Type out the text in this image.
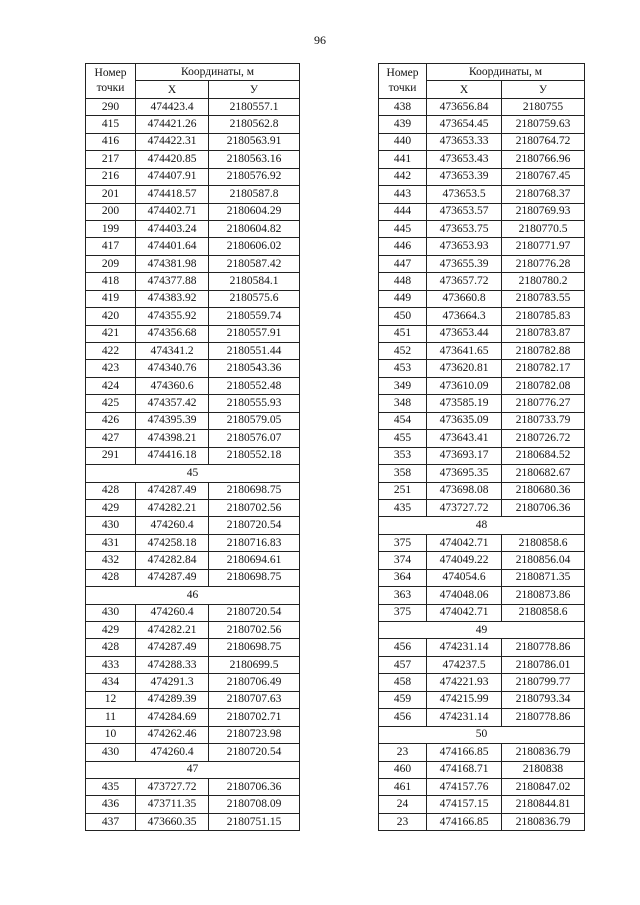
96
Номер точки	Координаты, м	
	Х	У
290	474423.4	2180557.1
415	474421.26	2180562.8
416	474422.31	2180563.91
217	474420.85	2180563.16
216	474407.91	2180576.92
201	474418.57	2180587.8
200	474402.71	2180604.29
199	474403.24	2180604.82
417	474401.64	2180606.02
209	474381.98	2180587.42
418	474377.88	2180584.1
419	474383.92	2180575.6
420	474355.92	2180559.74
421	474356.68	2180557.91
422	474341.2	2180551.44
423	474340.76	2180543.36
424	474360.6	2180552.48
425	474357.42	2180555.93
426	474395.39	2180579.05
427	474398.21	2180576.07
291	474416.18	2180552.18
45		
428	474287.49	2180698.75
429	474282.21	2180702.56
430	474260.4	2180720.54
431	474258.18	2180716.83
432	474282.84	2180694.61
428	474287.49	2180698.75
46		
430	474260.4	2180720.54
429	474282.21	2180702.56
428	474287.49	2180698.75
433	474288.33	2180699.5
434	474291.3	2180706.49
12	474289.39	2180707.63
11	474284.69	2180702.71
10	474262.46	2180723.98
430	474260.4	2180720.54
47		
435	473727.72	2180706.36
436	473711.35	2180708.09
437	473660.35	2180751.15
Номер точки	Координаты, м	
	Х	У
438	473656.84	2180755
439	473654.45	2180759.63
440	473653.33	2180764.72
441	473653.43	2180766.96
442	473653.39	2180767.45
443	473653.5	2180768.37
444	473653.57	2180769.93
445	473653.75	2180770.5
446	473653.93	2180771.97
447	473655.39	2180776.28
448	473657.72	2180780.2
449	473660.8	2180783.55
450	473664.3	2180785.83
451	473653.44	2180783.87
452	473641.65	2180782.88
453	473620.81	2180782.17
349	473610.09	2180782.08
348	473585.19	2180776.27
454	473635.09	2180733.79
455	473643.41	2180726.72
353	473693.17	2180684.52
358	473695.35	2180682.67
251	473698.08	2180680.36
435	473727.72	2180706.36
48		
375	474042.71	2180858.6
374	474049.22	2180856.04
364	474054.6	2180871.35
363	474048.06	2180873.86
375	474042.71	2180858.6
49		
456	474231.14	2180778.86
457	474237.5	2180786.01
458	474221.93	2180799.77
459	474215.99	2180793.34
456	474231.14	2180778.86
50		
23	474166.85	2180836.79
460	474168.71	2180838
461	474157.76	2180847.02
24	474157.15	2180844.81
23	474166.85	2180836.79
